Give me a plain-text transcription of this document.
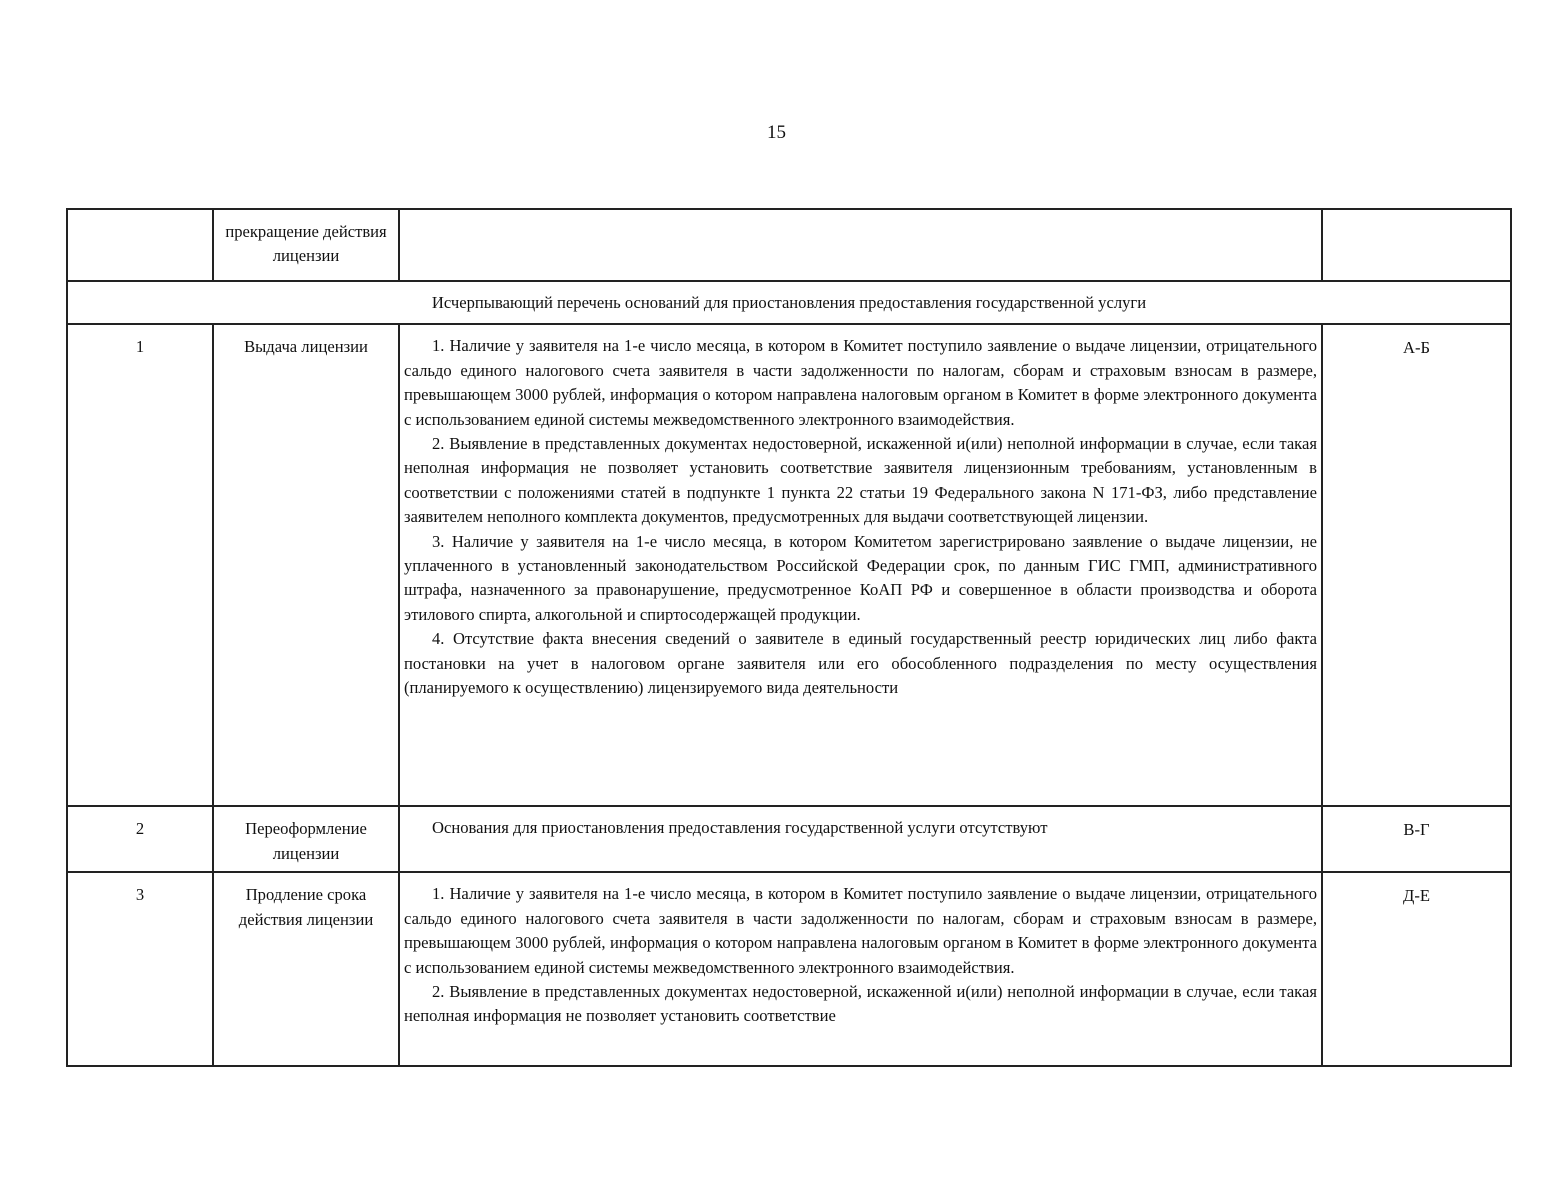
15
	прекращение действия лицензии		
Исчерпывающий перечень оснований для приостановления предоставления государственной услуги			
1	Выдача лицензии	1. Наличие у заявителя на 1-е число месяца, в котором в Комитет поступило заявление о выдаче лицензии, отрицательного сальдо единого налогового счета заявителя в части задолженности по налогам, сборам и страховым взносам в размере, превышающем 3000 рублей, информация о котором направлена налоговым органом в Комитет в форме электронного документа с использованием единой системы межведомственного электронного взаимодействия.

2. Выявление в представленных документах недостоверной, искаженной и(или) неполной информации в случае, если такая неполная информация не позволяет установить соответствие заявителя лицензионным требованиям, установленным в соответствии с положениями статей в подпункте 1 пункта 22 статьи 19 Федерального закона N 171-ФЗ, либо представление заявителем неполного комплекта документов, предусмотренных для выдачи соответствующей лицензии.

3. Наличие у заявителя на 1-е число месяца, в котором Комитетом зарегистрировано заявление о выдаче лицензии, не уплаченного в установленный законодательством Российской Федерации срок, по данным ГИС ГМП, административного штрафа, назначенного за правонарушение, предусмотренное КоАП РФ и совершенное в области производства и оборота этилового спирта, алкогольной и спиртосодержащей продукции.

4. Отсутствие факта внесения сведений о заявителе в единый государственный реестр юридических лиц либо факта постановки на учет в налоговом органе заявителя или его обособленного подразделения по месту осуществления (планируемого к осуществлению) лицензируемого вида деятельности	А-Б
2	Переоформление лицензии	Основания для приостановления предоставления государственной услуги отсутствуют	В-Г
3	Продление срока действия лицензии	1. Наличие у заявителя на 1-е число месяца, в котором в Комитет поступило заявление о выдаче лицензии, отрицательного сальдо единого налогового счета заявителя в части задолженности по налогам, сборам и страховым взносам в размере, превышающем 3000 рублей, информация о котором направлена налоговым органом в Комитет в форме электронного документа с использованием единой системы межведомственного электронного взаимодействия.

2. Выявление в представленных документах недостоверной, искаженной и(или) неполной информации в случае, если такая неполная информация не позволяет установить соответствие	Д-Е
